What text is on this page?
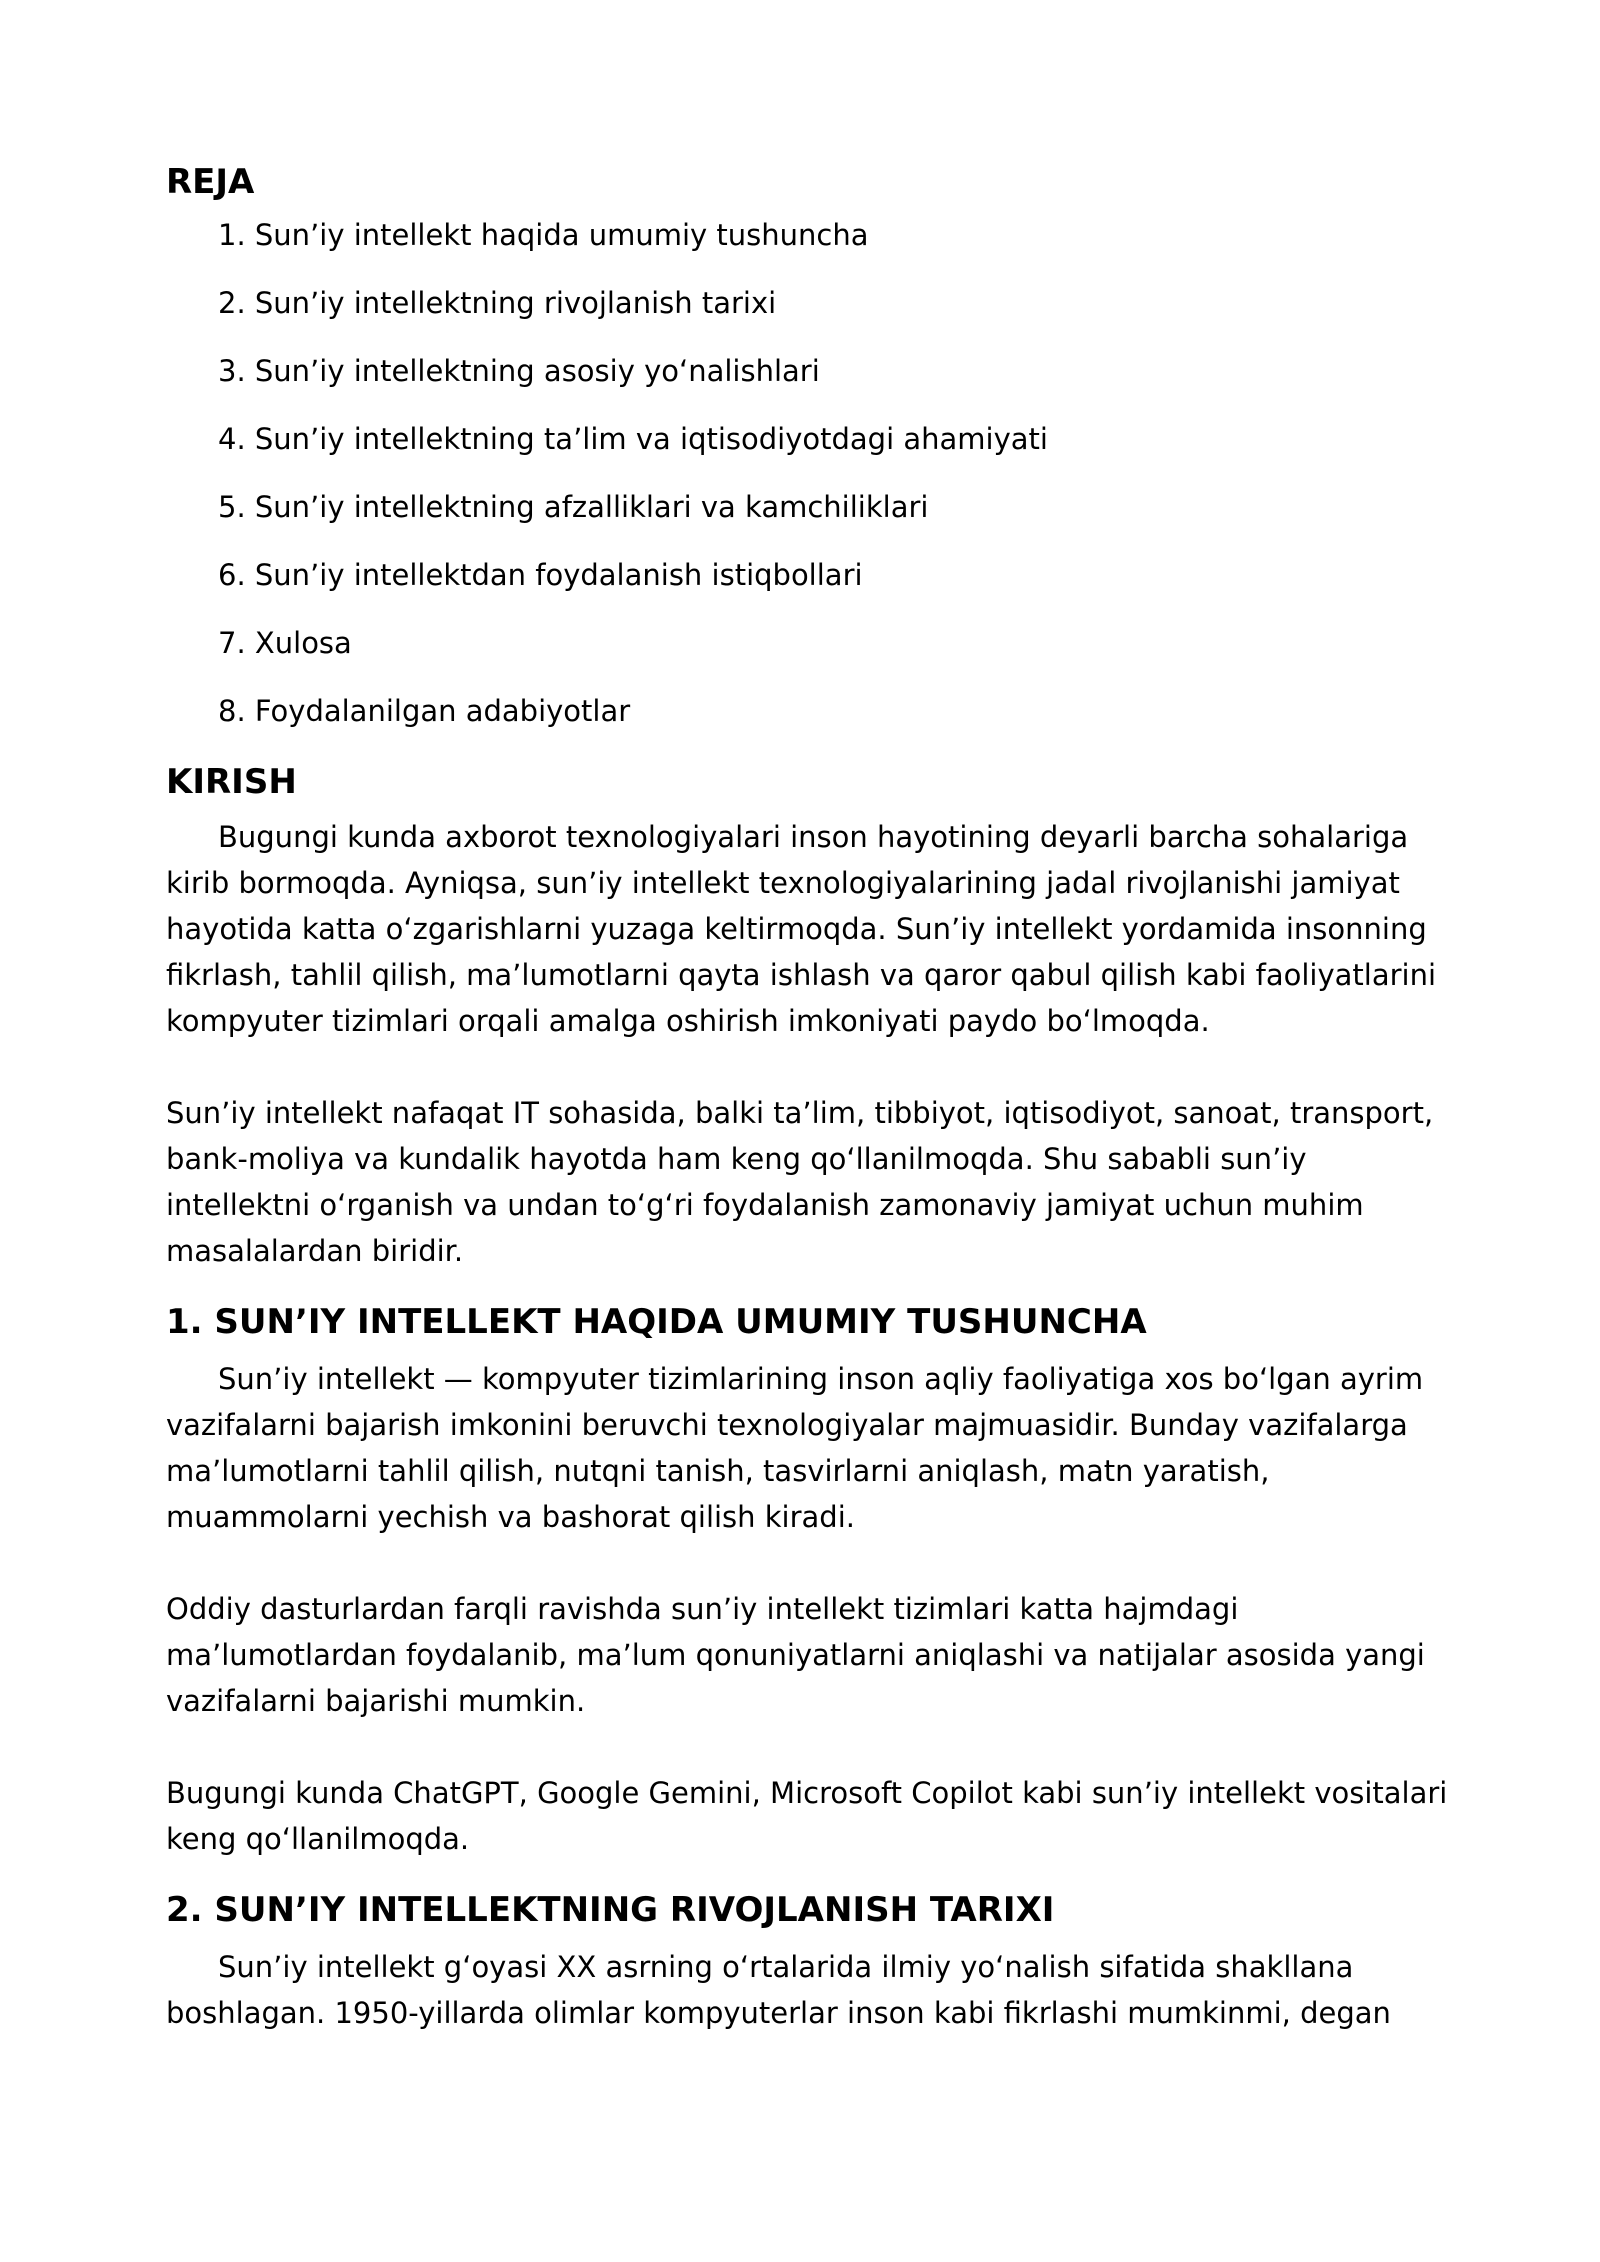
REJA
1. Sun’iy intellekt haqida umumiy tushuncha
2. Sun’iy intellektning rivojlanish tarixi
3. Sun’iy intellektning asosiy yo‘nalishlari
4. Sun’iy intellektning ta’lim va iqtisodiyotdagi ahamiyati
5. Sun’iy intellektning afzalliklari va kamchiliklari
6. Sun’iy intellektdan foydalanish istiqbollari
7. Xulosa
8. Foydalanilgan adabiyotlar
KIRISH

Bugungi kunda axborot texnologiyalari inson hayotining deyarli barcha sohalariga kirib bormoqda. Ayniqsa, sun’iy intellekt texnologiyalarining jadal rivojlanishi jamiyat hayotida katta o‘zgarishlarni yuzaga keltirmoqda. Sun’iy intellekt yordamida insonning fikrlash, tahlil qilish, ma’lumotlarni qayta ishlash va qaror qabul qilish kabi faoliyatlarini kompyuter tizimlari orqali amalga oshirish imkoniyati paydo bo‘lmoqda.

Sun’iy intellekt nafaqat IT sohasida, balki ta’lim, tibbiyot, iqtisodiyot, sanoat, transport, bank-moliya va kundalik hayotda ham keng qo‘llanilmoqda. Shu sababli sun’iy intellektni o‘rganish va undan to‘g‘ri foydalanish zamonaviy jamiyat uchun muhim masalalardan biridir.

1. SUN’IY INTELLEKT HAQIDA UMUMIY TUSHUNCHA

Sun’iy intellekt — kompyuter tizimlarining inson aqliy faoliyatiga xos bo‘lgan ayrim vazifalarni bajarish imkonini beruvchi texnologiyalar majmuasidir. Bunday vazifalarga ma’lumotlarni tahlil qilish, nutqni tanish, tasvirlarni aniqlash, matn yaratish, muammolarni yechish va bashorat qilish kiradi.

Oddiy dasturlardan farqli ravishda sun’iy intellekt tizimlari katta hajmdagi ma’lumotlardan foydalanib, ma’lum qonuniyatlarni aniqlashi va natijalar asosida yangi vazifalarni bajarishi mumkin.

Bugungi kunda ChatGPT, Google Gemini, Microsoft Copilot kabi sun’iy intellekt vositalari keng qo‘llanilmoqda.

2. SUN’IY INTELLEKTNING RIVOJLANISH TARIXI

Sun’iy intellekt g‘oyasi XX asrning o‘rtalarida ilmiy yo‘nalish sifatida shakllana boshlagan. 1950-yillarda olimlar kompyuterlar inson kabi fikrlashi mumkinmi, degan
